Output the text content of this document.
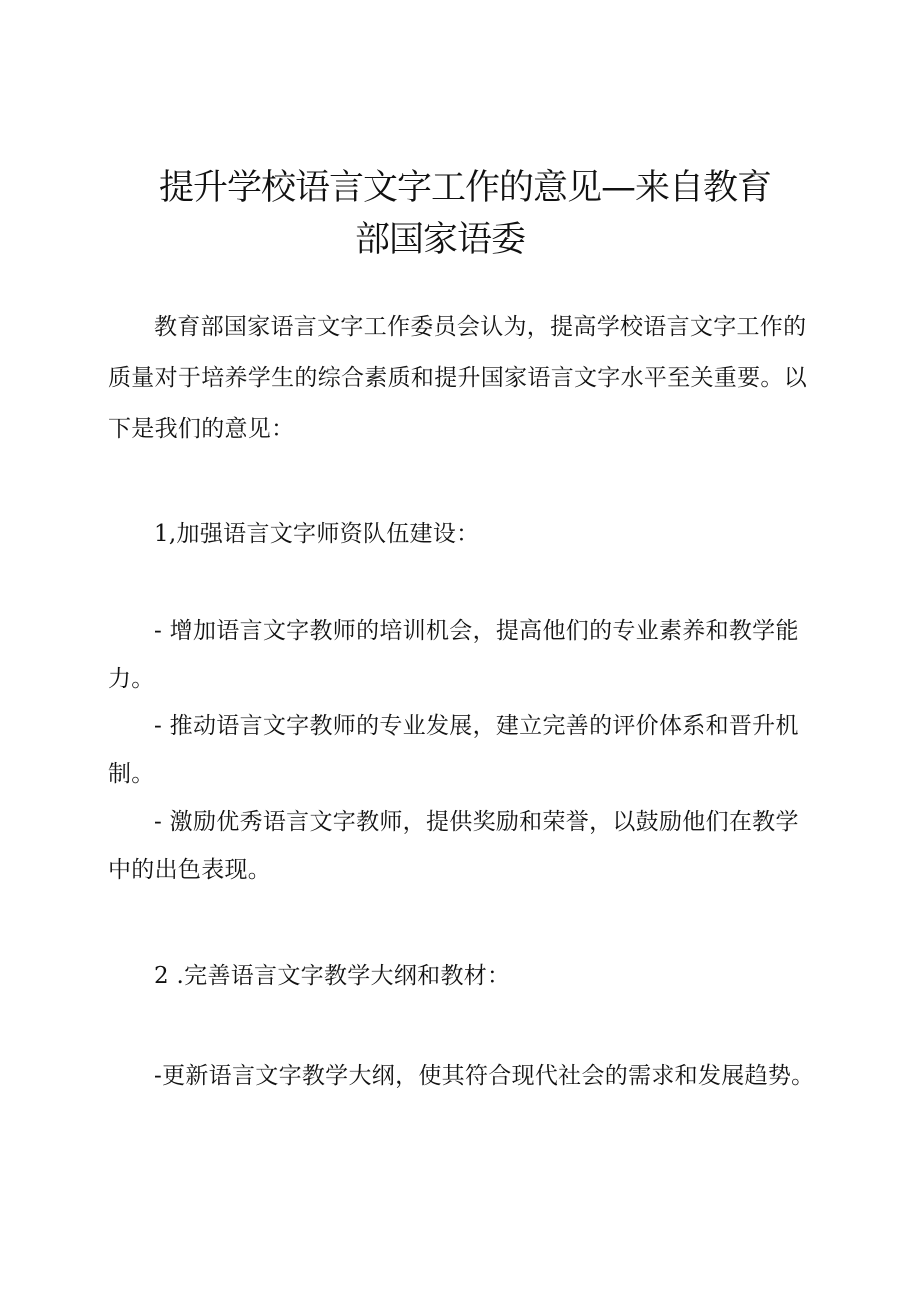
提升学校语言文字工作的意见—来自教育
部国家语委
教育部国家语言文字工作委员会认为，提高学校语言文字工作的
质量对于培养学生的综合素质和提升国家语言文字水平至关重要。以
下是我们的意见：
1,加强语言文字师资队伍建设：
- 增加语言文字教师的培训机会，提高他们的专业素养和教学能
力。
- 推动语言文字教师的专业发展，建立完善的评价体系和晋升机
制。
- 激励优秀语言文字教师，提供奖励和荣誉，以鼓励他们在教学
中的出色表现。
2 .完善语言文字教学大纲和教材：
-更新语言文字教学大纲，使其符合现代社会的需求和发展趋势。
